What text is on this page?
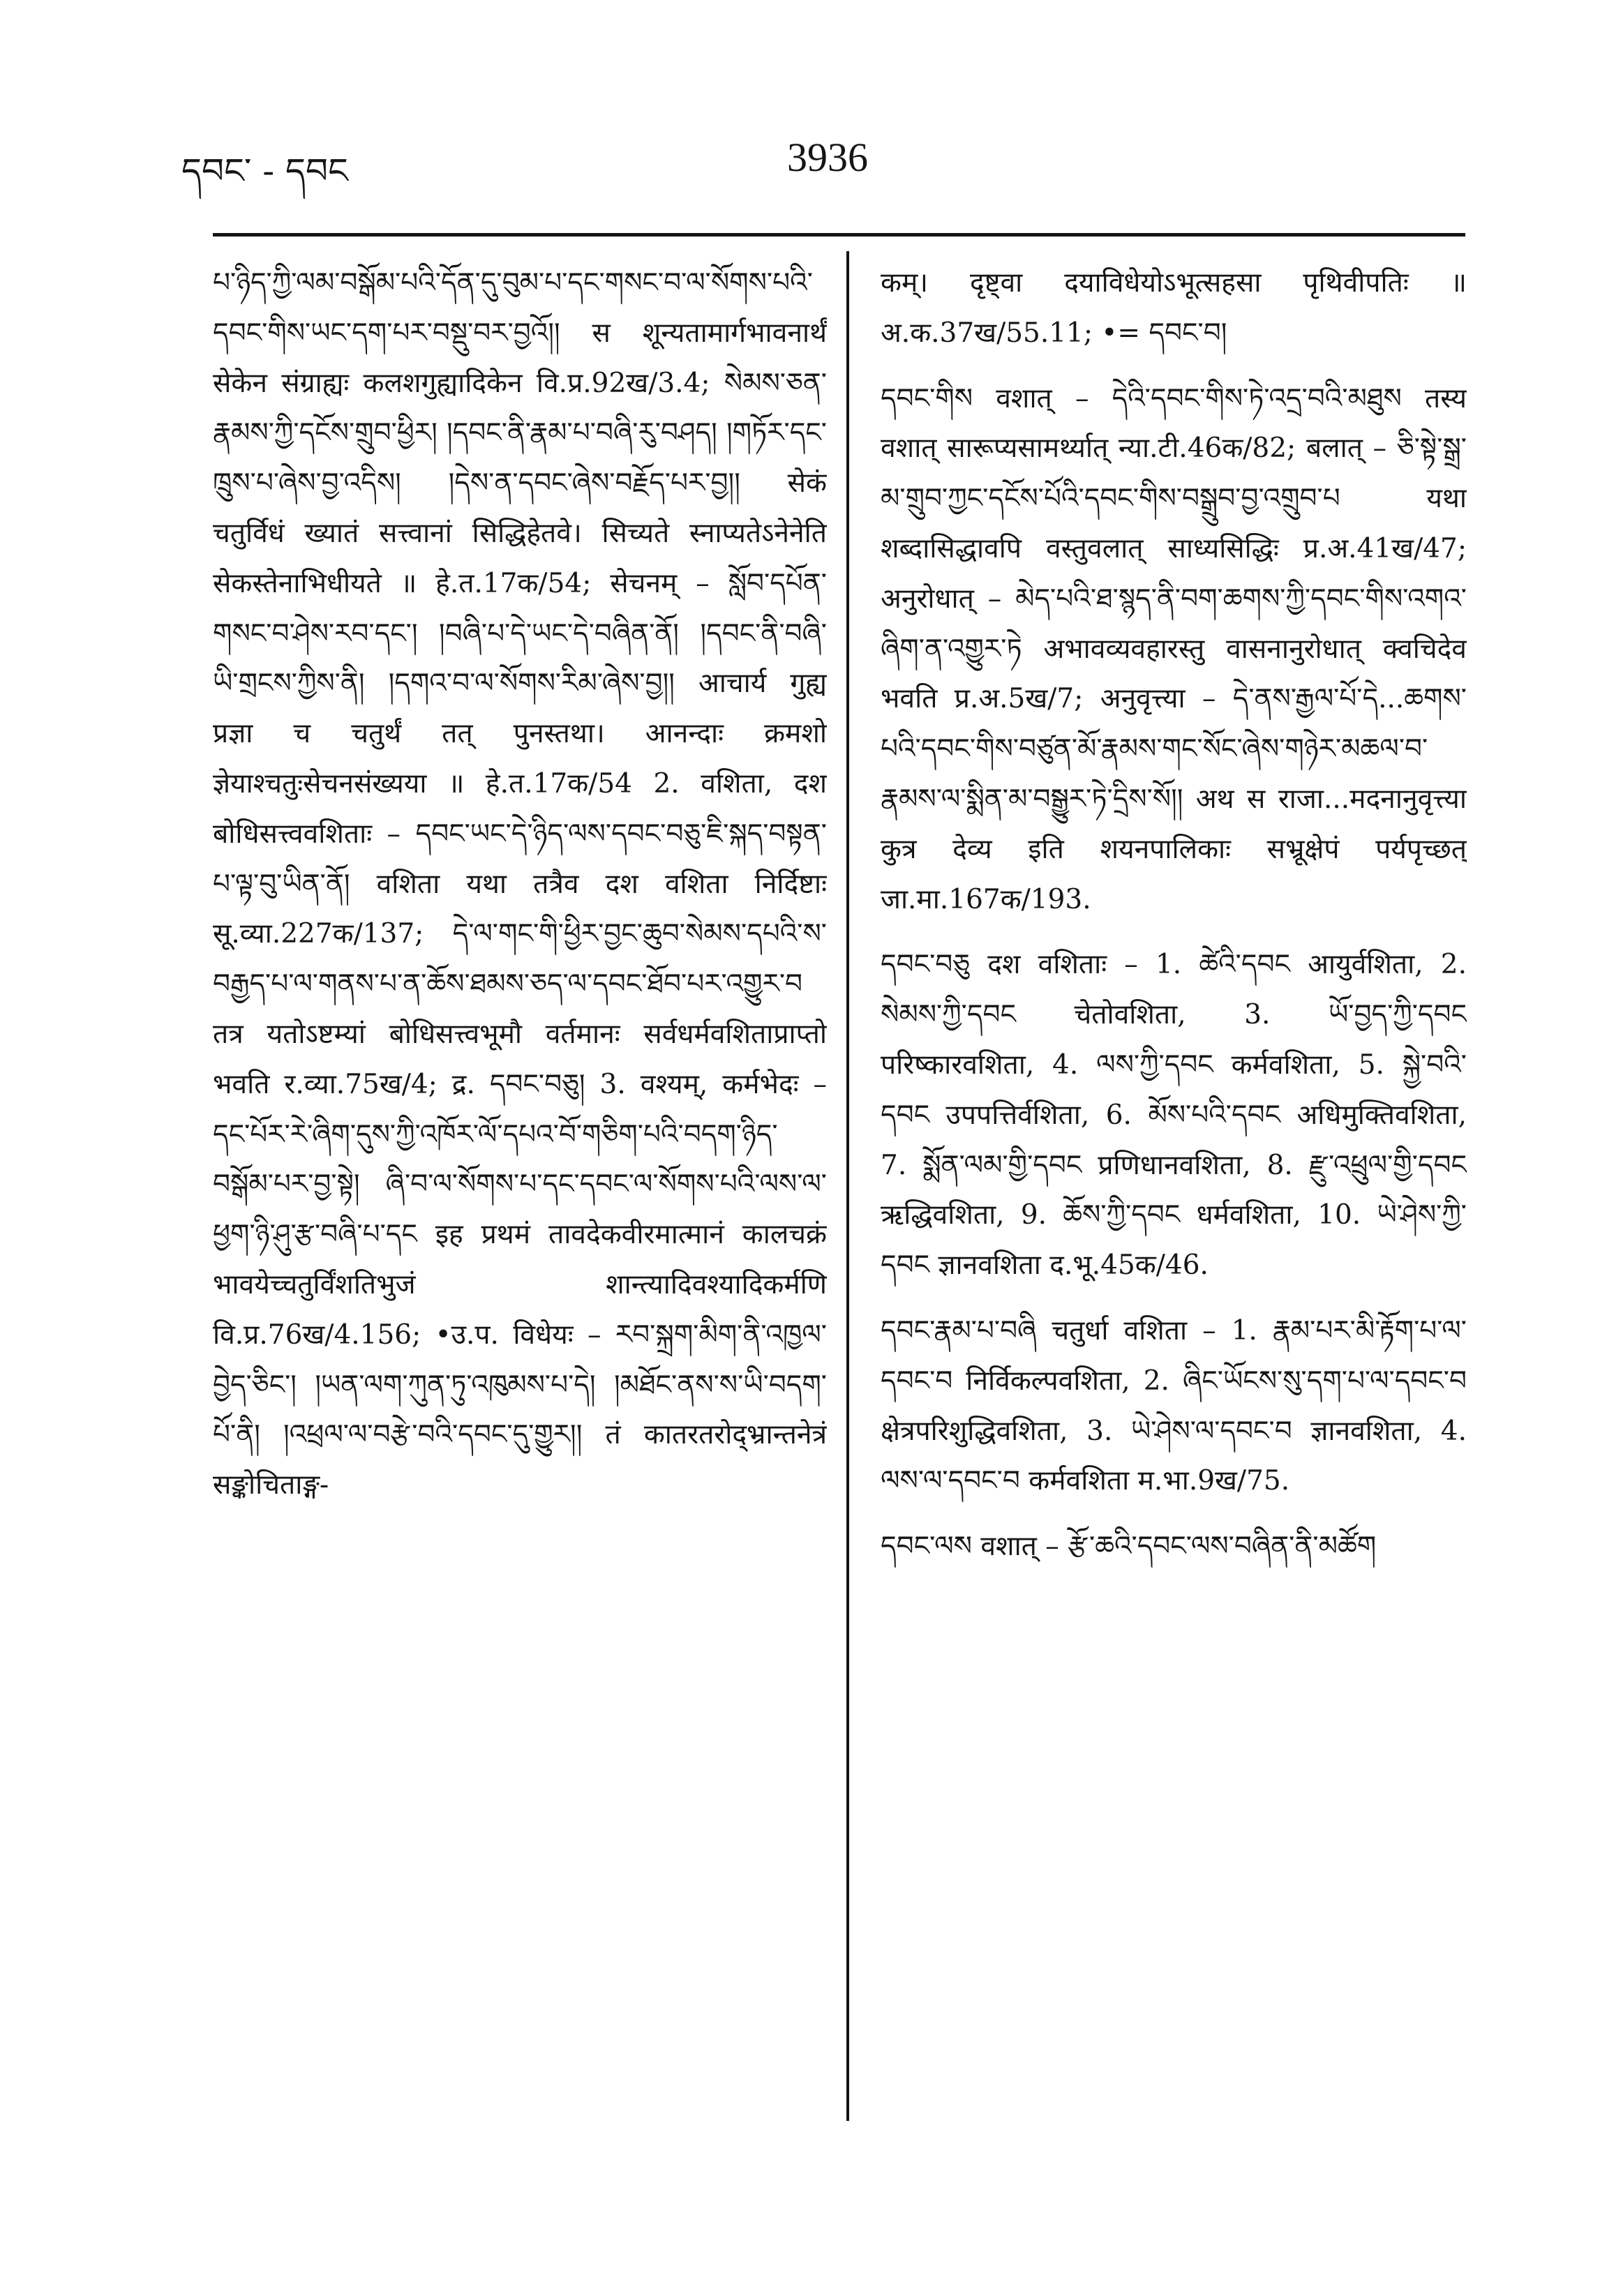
དབང་ - དབང	3936

པ་ཉིད་ཀྱི་ལམ་བསྒོམ་པའི་དོན་དུ་བུམ་པ་དང་གསང་བ་ལ་སོགས་པའི་དབང་གིས་ཡང་དག་པར་བསྡུ་བར་བྱའོ།། स शून्यतामार्गभावनार्थं सेकेन संग्राह्यः कलशगुह्यादिकेन वि.प्र.92ख/3.4; སེམས་ཅན་རྣམས་ཀྱི་དངོས་གྲུབ་ཕྱིར། །དབང་ནི་རྣམ་པ་བཞི་རུ་བཤད། །གཏོར་དང་ཁྲུས་པ་ཞེས་བྱ་འདིས། །དེས་ན་དབང་ཞེས་བརྗོད་པར་བྱ།། सेकं चतुर्विधं ख्यातं सत्त्वानां सिद्धिहेतवे। सिच्यते स्नाप्यतेऽनेनेति सेकस्तेनाभिधीयते ॥ हे.त.17क/54; सेचनम् – སློབ་དཔོན་གསང་བ་ཤེས་རབ་དང་། །བཞི་པ་དེ་ཡང་དེ་བཞིན་ནོ། །དབང་ནི་བཞི་ཡི་གྲངས་ཀྱིས་ནི། །དགའ་བ་ལ་སོགས་རིམ་ཞེས་བྱ།། आचार्य गुह्य प्रज्ञा च चतुर्थं तत् पुनस्तथा। आनन्दाः क्रमशो ज्ञेयाश्चतुःसेचनसंख्यया ॥ हे.त.17क/54 2. वशिता, दश बोधिसत्त्ववशिताः – དབང་ཡང་དེ་ཉིད་ལས་དབང་བཅུ་ཇི་སྐད་བསྟན་པ་ལྟ་བུ་ཡིན་ནོ། वशिता यथा तत्रैव दश वशिता निर्दिष्टाः सू.व्या.227क/137; དེ་ལ་གང་གི་ཕྱིར་བྱང་ཆུབ་སེམས་དཔའི་ས་བརྒྱད་པ་ལ་གནས་པ་ན་ཆོས་ཐམས་ཅད་ལ་དབང་ཐོབ་པར་འགྱུར་བ तत्र यतोऽष्टम्यां बोधिसत्त्वभूमौ वर्तमानः सर्वधर्मवशिताप्राप्तो भवति र.व्या.75ख/4; द्र. དབང་བཅུ། 3. वश्यम्, कर्मभेदः – དང་པོར་རེ་ཞིག་དུས་ཀྱི་འཁོར་ལོ་དཔའ་བོ་གཅིག་པའི་བདག་ཉིད་བསྒོམ་པར་བྱ་སྟེ། ཞི་བ་ལ་སོགས་པ་དང་དབང་ལ་སོགས་པའི་ལས་ལ་ཕྱག་ཉི་ཤུ་རྩ་བཞི་པ་དང इह प्रथमं तावदेकवीरमात्मानं कालचक्रं भावयेच्चतुर्विंशतिभुजं शान्त्यादिवश्यादिकर्मणि वि.प्र.76ख/4.156; •उ.प. विधेयः – རབ་སྐྲག་མིག་ནི་འཁྱལ་བྱེད་ཅིང་། །ཡན་ལག་ཀུན་ཏུ་འཁུམས་པ་དེ། །མཐོང་ནས་ས་ཡི་བདག་པོ་ནི། །འཕྲལ་ལ་བརྩེ་བའི་དབང་དུ་གྱུར།། तं कातरतरोद्भ्रान्तनेत्रं सङ्कोचिताङ्ग-

कम्। दृष्ट्वा दयाविधेयोऽभूत्सहसा पृथिवीपतिः ॥ अ.क.37ख/55.11; •= དབང་བ།

དབང་གིས वशात् – དེའི་དབང་གིས་ཏེ་འདྲ་བའི་མཐུས तस्य वशात् सारूप्यसामर्थ्यात् न्या.टी.46क/82; बलात् – ཅི་སྟེ་སྒྲ་མ་གྲུབ་ཀྱང་དངོས་པོའི་དབང་གིས་བསྒྲུབ་བྱ་འགྲུབ་པ यथा शब्दासिद्धावपि वस्तुवलात् साध्यसिद्धिः प्र.अ.41ख/47; अनुरोधात् – མེད་པའི་ཐ་སྙད་ནི་བག་ཆགས་ཀྱི་དབང་གིས་འགའ་ཞིག་ན་འགྱུར་ཏེ अभावव्यवहारस्तु वासनानुरोधात् क्वचिदेव भवति प्र.अ.5ख/7; अनुवृत्त्या – དེ་ནས་རྒྱལ་པོ་དེ...ཆགས་པའི་དབང་གིས་བཙུན་མོ་རྣམས་གང་སོང་ཞེས་གཉེར་མཆལ་བ་རྣམས་ལ་སྨིན་མ་བསྒྱུར་ཏེ་དྲིས་སོ།། अथ स राजा...मदनानुवृत्त्या कुत्र देव्य इति शयनपालिकाः सभ्रूक्षेपं पर्यपृच्छत् जा.मा.167क/193.

དབང་བཅུ दश वशिताः – 1. ཚེའི་དབང आयुर्वशिता, 2. སེམས་ཀྱི་དབང चेतोवशिता, 3. ཡོ་བྱད་ཀྱི་དབང परिष्कारवशिता, 4. ལས་ཀྱི་དབང कर्मवशिता, 5. སྐྱེ་བའི་དབང उपपत्तिर्वशिता, 6. མོས་པའི་དབང अधिमुक्तिवशिता, 7. སྨོན་ལམ་གྱི་དབང प्रणिधानवशिता, 8. རྫུ་འཕྲུལ་གྱི་དབང ऋद्धिवशिता, 9. ཆོས་ཀྱི་དབང धर्मवशिता, 10. ཡེ་ཤེས་ཀྱི་དབང ज्ञानवशिता द.भू.45क/46.

དབང་རྣམ་པ་བཞི चतुर्धा वशिता – 1. རྣམ་པར་མི་རྟོག་པ་ལ་དབང་བ निर्विकल्पवशिता, 2. ཞིང་ཡོངས་སུ་དག་པ་ལ་དབང་བ क्षेत्रपरिशुद्धिवशिता, 3. ཡེ་ཤེས་ལ་དབང་བ ज्ञानवशिता, 4. ལས་ལ་དབང་བ कर्मवशिता म.भा.9ख/75.

དབང་ལས वशात् – རྩོ་ཆའི་དབང་ལས་བཞིན་ནི་མཚོག
